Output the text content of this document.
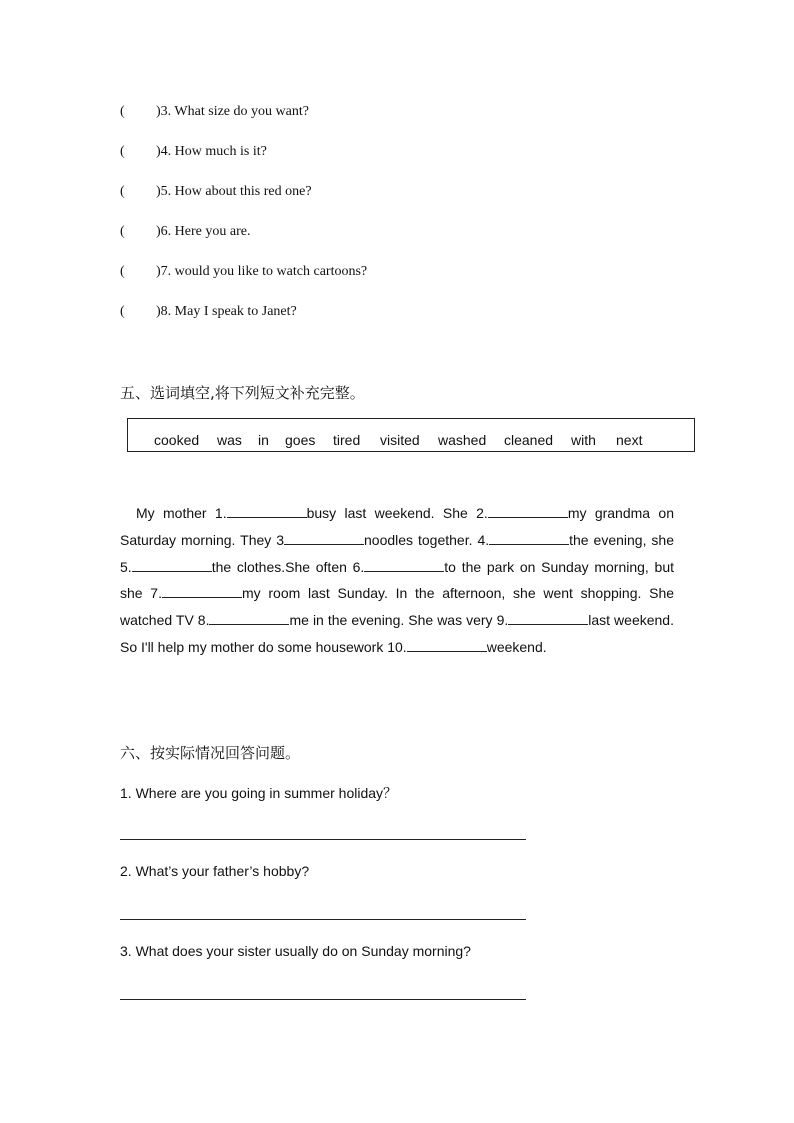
( )3. What size do you want?
( )4. How much is it?
( )5. How about this red one?
( )6. Here you are.
( )7. would you like to watch cartoons?
( )8. May I speak to Janet?
五、选词填空,将下列短文补充完整。
cooked was in goes tired visited washed cleaned with next
My mother 1.	busy last weekend. She 2.	my grandma on Saturday morning. They 3	noodles together. 4.	the evening, she 5.	the clothes.She often 6.	to the park on Sunday morning, but she 7.	my room last Sunday. In the afternoon, she went shopping. She watched TV 8.	me in the evening. She was very 9.	last weekend. So I'll help my mother do some housework 10.	weekend.
六、按实际情况回答问题。
1. Where are you going in summer holiday？
2. What’s your father’s hobby?
3. What does your sister usually do on Sunday morning?
